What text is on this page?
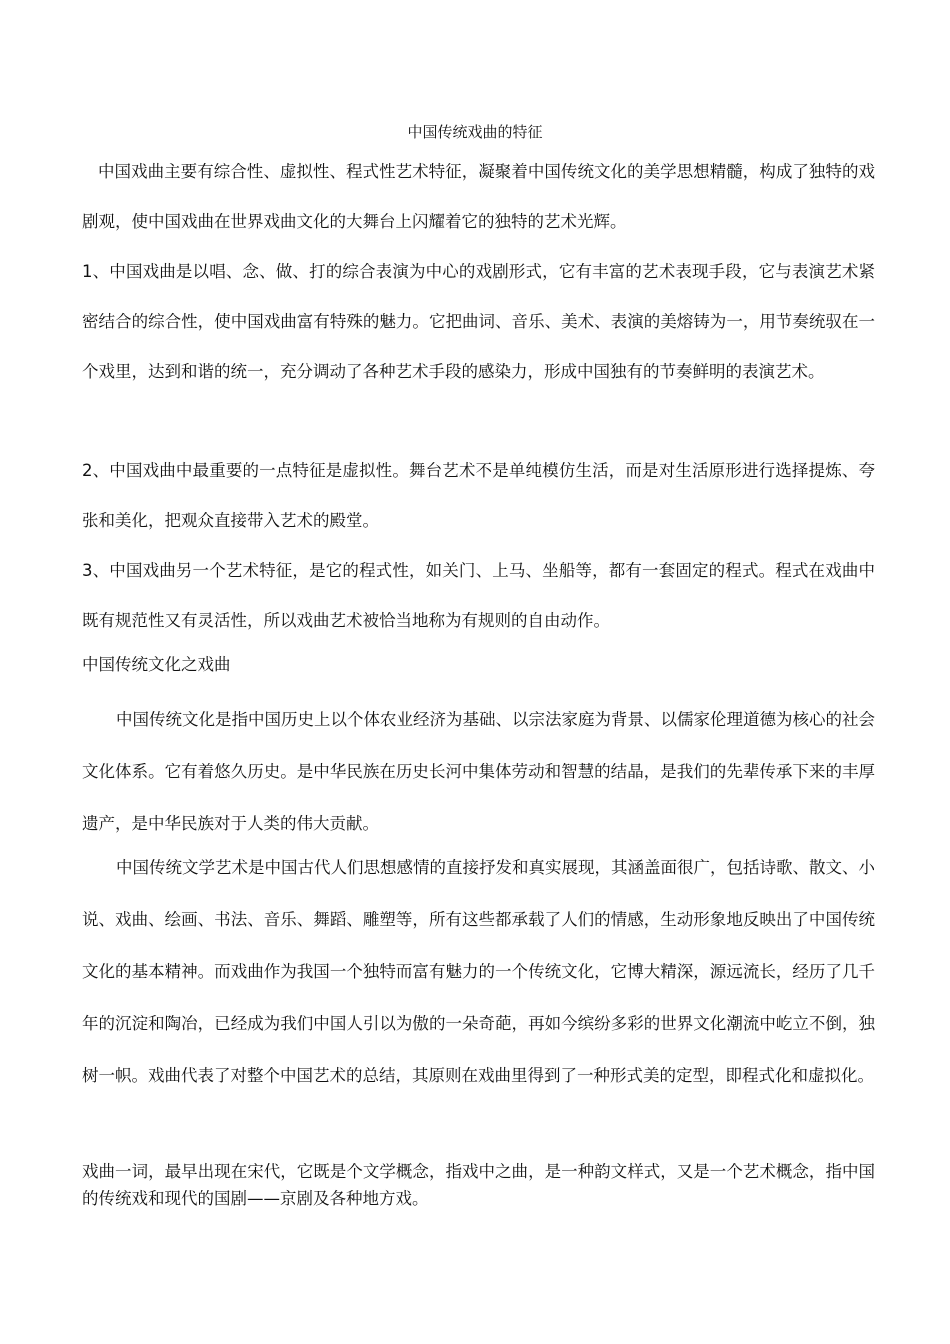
中国传统戏曲的特征

中国戏曲主要有综合性、虚拟性、程式性艺术特征，凝聚着中国传统文化的美学思想精髓，构成了独特的戏剧观，使中国戏曲在世界戏曲文化的大舞台上闪耀着它的独特的艺术光辉。

1、中国戏曲是以唱、念、做、打的综合表演为中心的戏剧形式，它有丰富的艺术表现手段，它与表演艺术紧密结合的综合性，使中国戏曲富有特殊的魅力。它把曲词、音乐、美术、表演的美熔铸为一，用节奏统驭在一个戏里，达到和谐的统一，充分调动了各种艺术手段的感染力，形成中国独有的节奏鲜明的表演艺术。

2、中国戏曲中最重要的一点特征是虚拟性。舞台艺术不是单纯模仿生活，而是对生活原形进行选择提炼、夸张和美化，把观众直接带入艺术的殿堂。

3、中国戏曲另一个艺术特征，是它的程式性，如关门、上马、坐船等，都有一套固定的程式。程式在戏曲中既有规范性又有灵活性，所以戏曲艺术被恰当地称为有规则的自由动作。

中国传统文化之戏曲

中国传统文化是指中国历史上以个体农业经济为基础、以宗法家庭为背景、以儒家伦理道德为核心的社会文化体系。它有着悠久历史。是中华民族在历史长河中集体劳动和智慧的结晶，是我们的先辈传承下来的丰厚遗产，是中华民族对于人类的伟大贡献。

中国传统文学艺术是中国古代人们思想感情的直接抒发和真实展现，其涵盖面很广，包括诗歌、散文、小说、戏曲、绘画、书法、音乐、舞蹈、雕塑等，所有这些都承载了人们的情感，生动形象地反映出了中国传统文化的基本精神。而戏曲作为我国一个独特而富有魅力的一个传统文化，它博大精深，源远流长，经历了几千年的沉淀和陶冶，已经成为我们中国人引以为傲的一朵奇葩，再如今缤纷多彩的世界文化潮流中屹立不倒，独树一帜。戏曲代表了对整个中国艺术的总结，其原则在戏曲里得到了一种形式美的定型，即程式化和虚拟化。

戏曲一词，最早出现在宋代，它既是个文学概念，指戏中之曲，是一种韵文样式，又是一个艺术概念，指中国的传统戏和现代的国剧——京剧及各种地方戏。
